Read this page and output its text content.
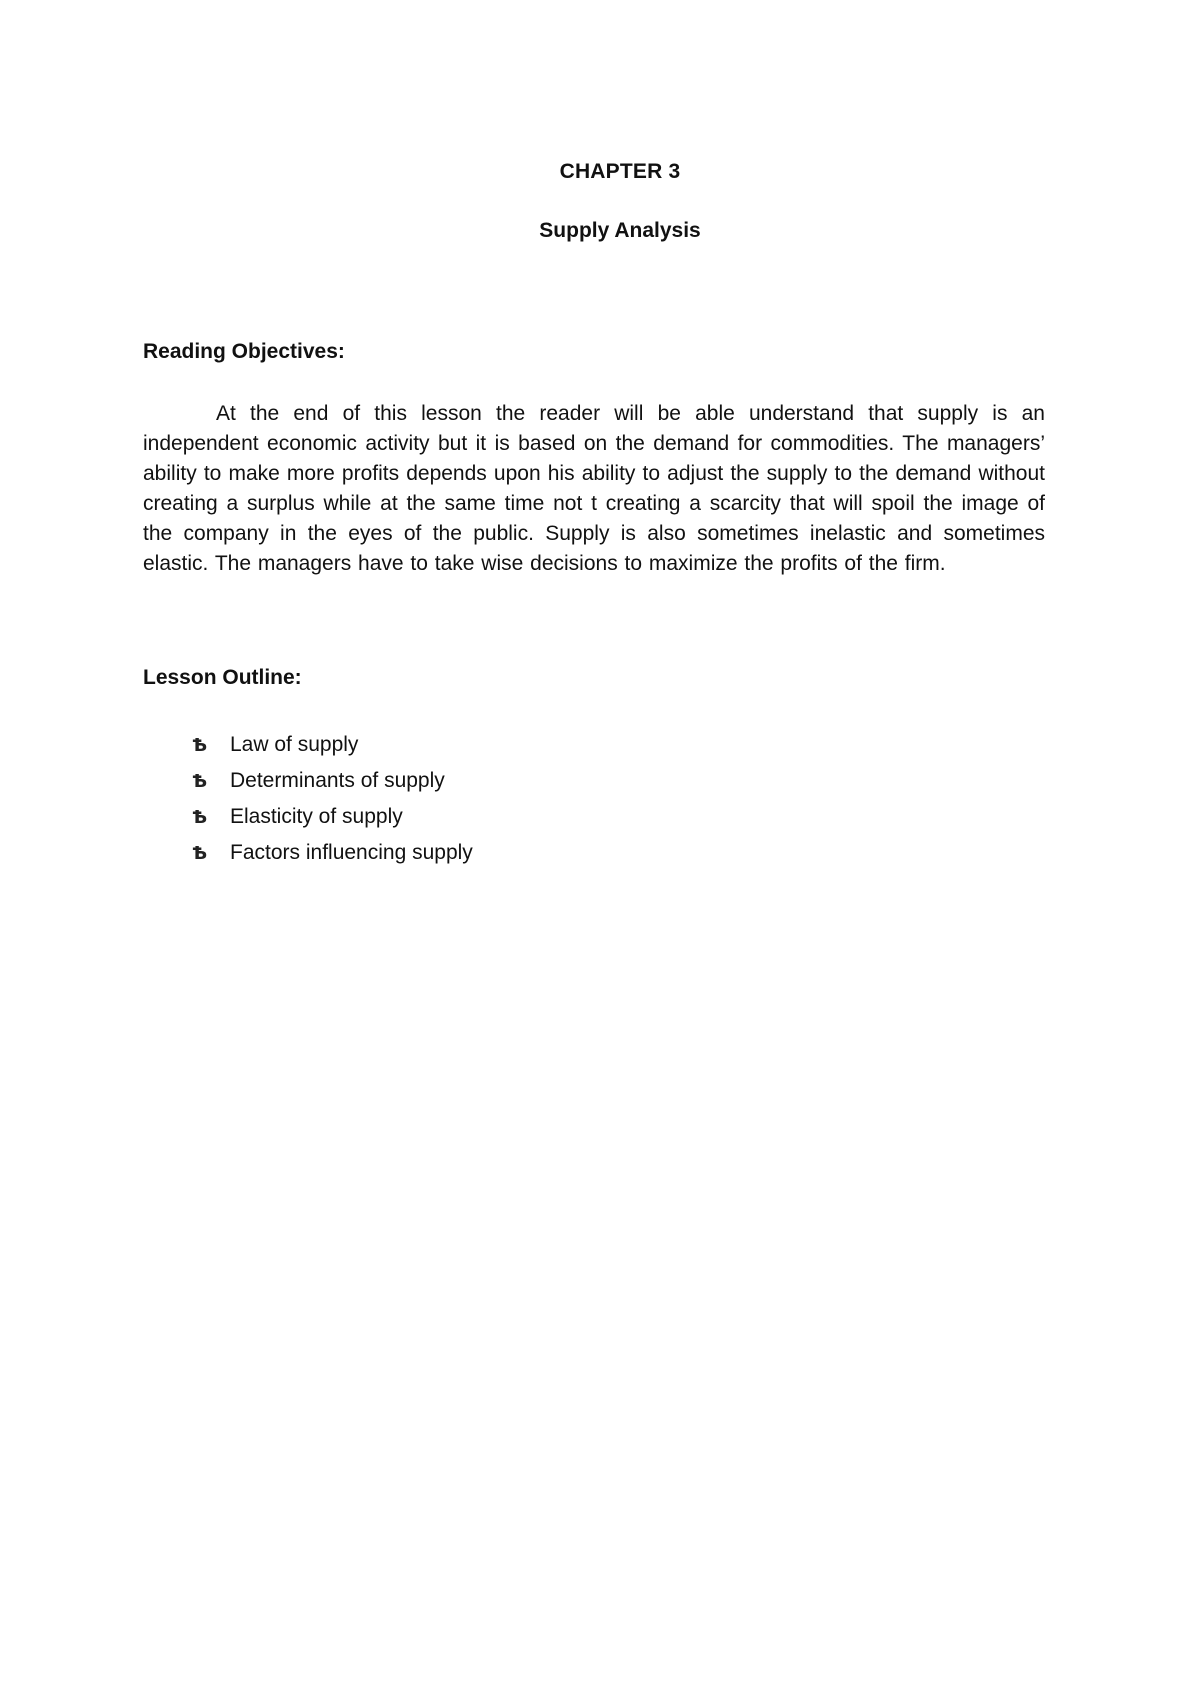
CHAPTER 3
Supply Analysis
Reading Objectives:
At the end of this lesson the reader will be able understand that supply is an independent economic activity but it is based on the demand for commodities. The managers’ ability to make more profits depends upon his ability to adjust the supply to the demand without creating a surplus while at the same time not t creating a scarcity that will spoil the image of the company in the eyes of the public. Supply is also sometimes inelastic and sometimes elastic. The managers have to take wise decisions to maximize the profits of the firm.
Lesson Outline:
Ѣ	Law of supply
Ѣ	Determinants of supply
Ѣ	Elasticity of supply
Ѣ	Factors influencing supply
